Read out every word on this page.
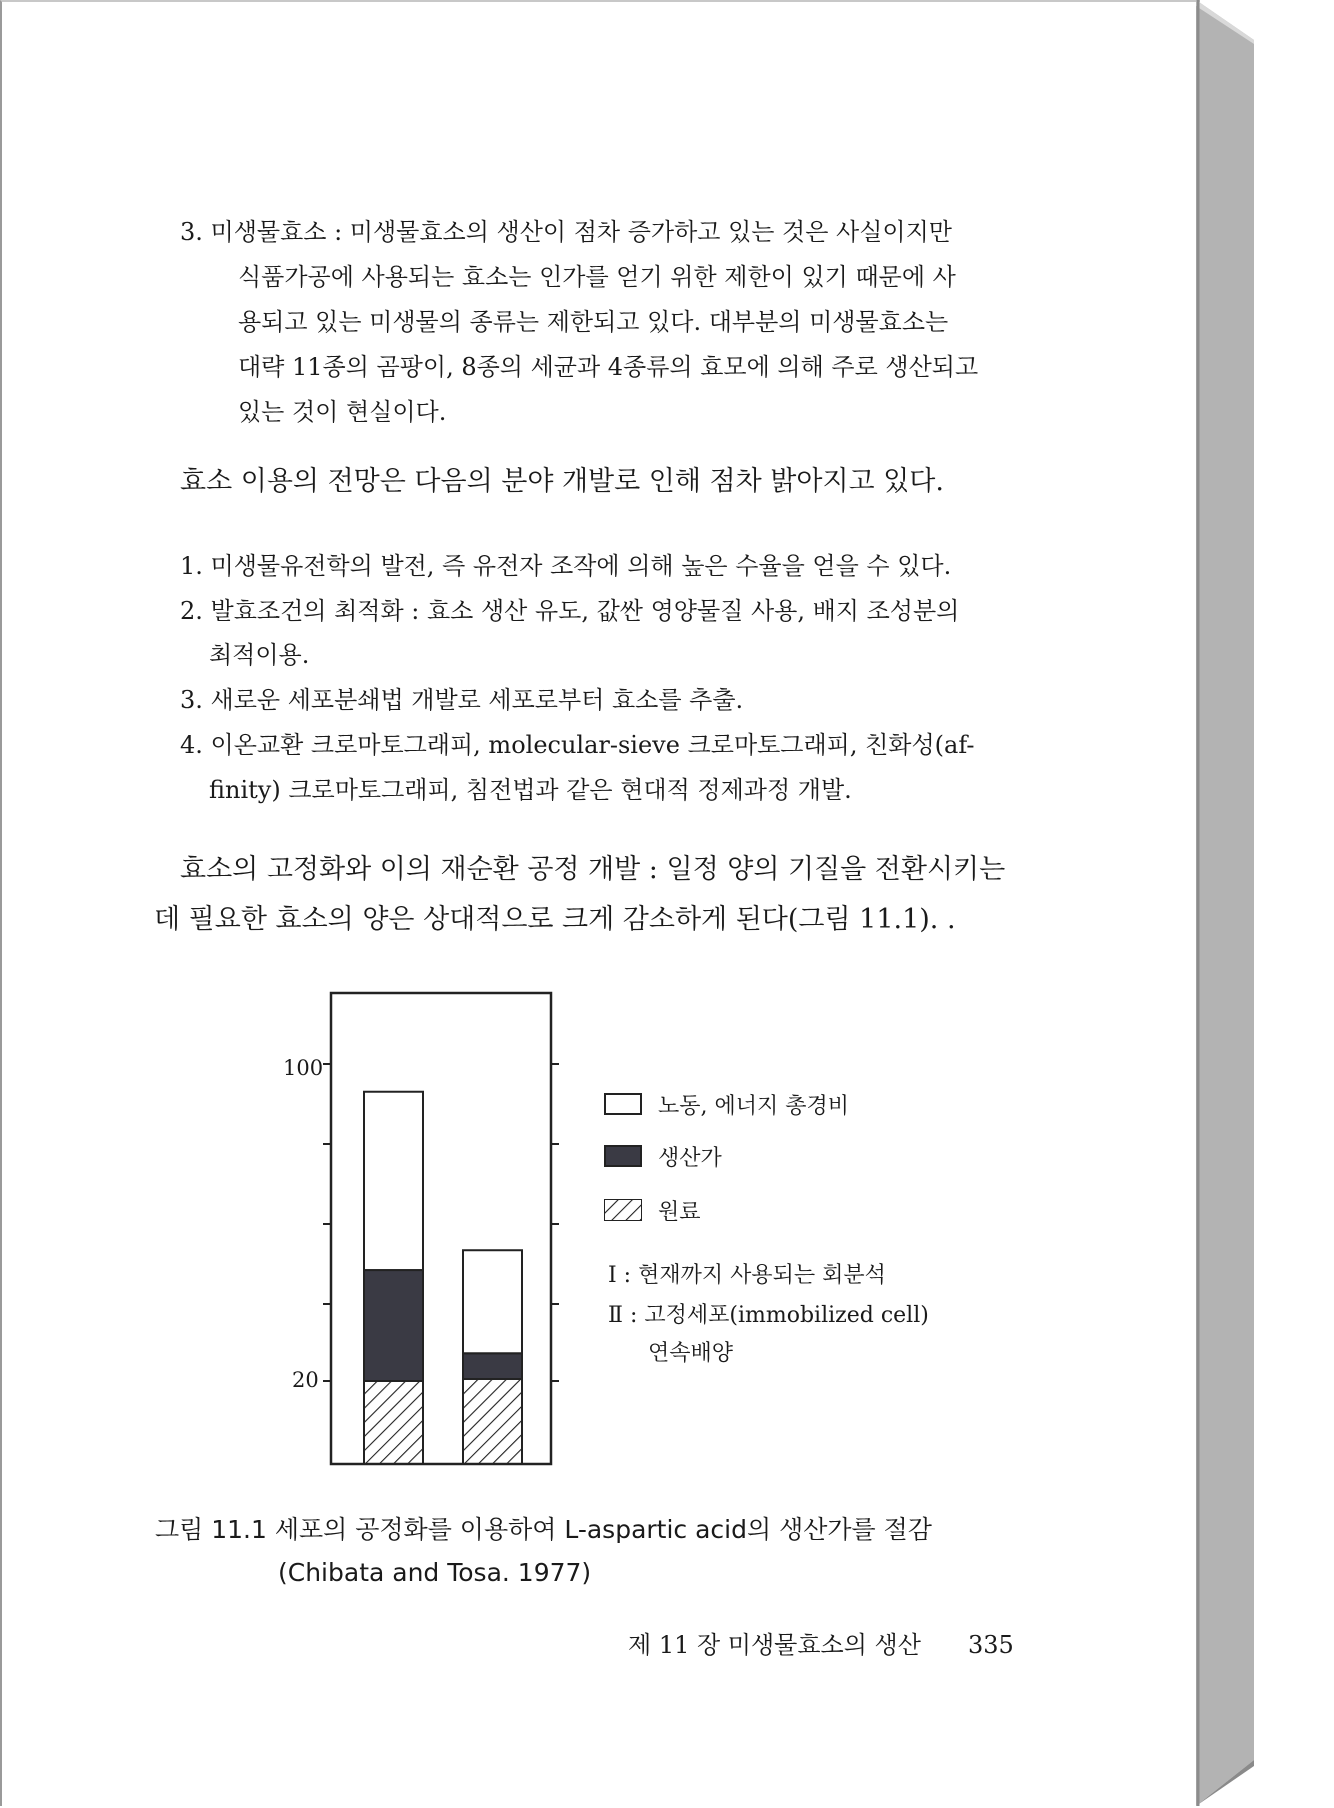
3. 미생물효소 : 미생물효소의 생산이 점차 증가하고 있는 것은 사실이지만
식품가공에 사용되는 효소는 인가를 얻기 위한 제한이 있기 때문에 사
용되고 있는 미생물의 종류는 제한되고 있다. 대부분의 미생물효소는
대략 11종의 곰팡이, 8종의 세균과 4종류의 효모에 의해 주로 생산되고
있는 것이 현실이다.
효소 이용의 전망은 다음의 분야 개발로 인해 점차 밝아지고 있다.
1. 미생물유전학의 발전, 즉 유전자 조작에 의해 높은 수율을 얻을 수 있다.
2. 발효조건의 최적화 : 효소 생산 유도, 값싼 영양물질 사용, 배지 조성분의
최적이용.
3. 새로운 세포분쇄법 개발로 세포로부터 효소를 추출.
4. 이온교환 크로마토그래피, molecular-sieve 크로마토그래피, 친화성(af-
finity) 크로마토그래피, 침전법과 같은 현대적 정제과정 개발.
효소의 고정화와 이의 재순환 공정 개발 : 일정 양의 기질을 전환시키는
데 필요한 효소의 양은 상대적으로 크게 감소하게 된다(그림 11.1). .
100
20
노동, 에너지 총경비
생산가
원료
Ⅰ : 현재까지 사용되는 회분석
Ⅱ : 고정세포(immobilized cell)
연속배양
그림 11.1 세포의 공정화를 이용하여 L-aspartic acid의 생산가를 절감
(Chibata and Tosa. 1977)
제 11 장 미생물효소의 생산 335
